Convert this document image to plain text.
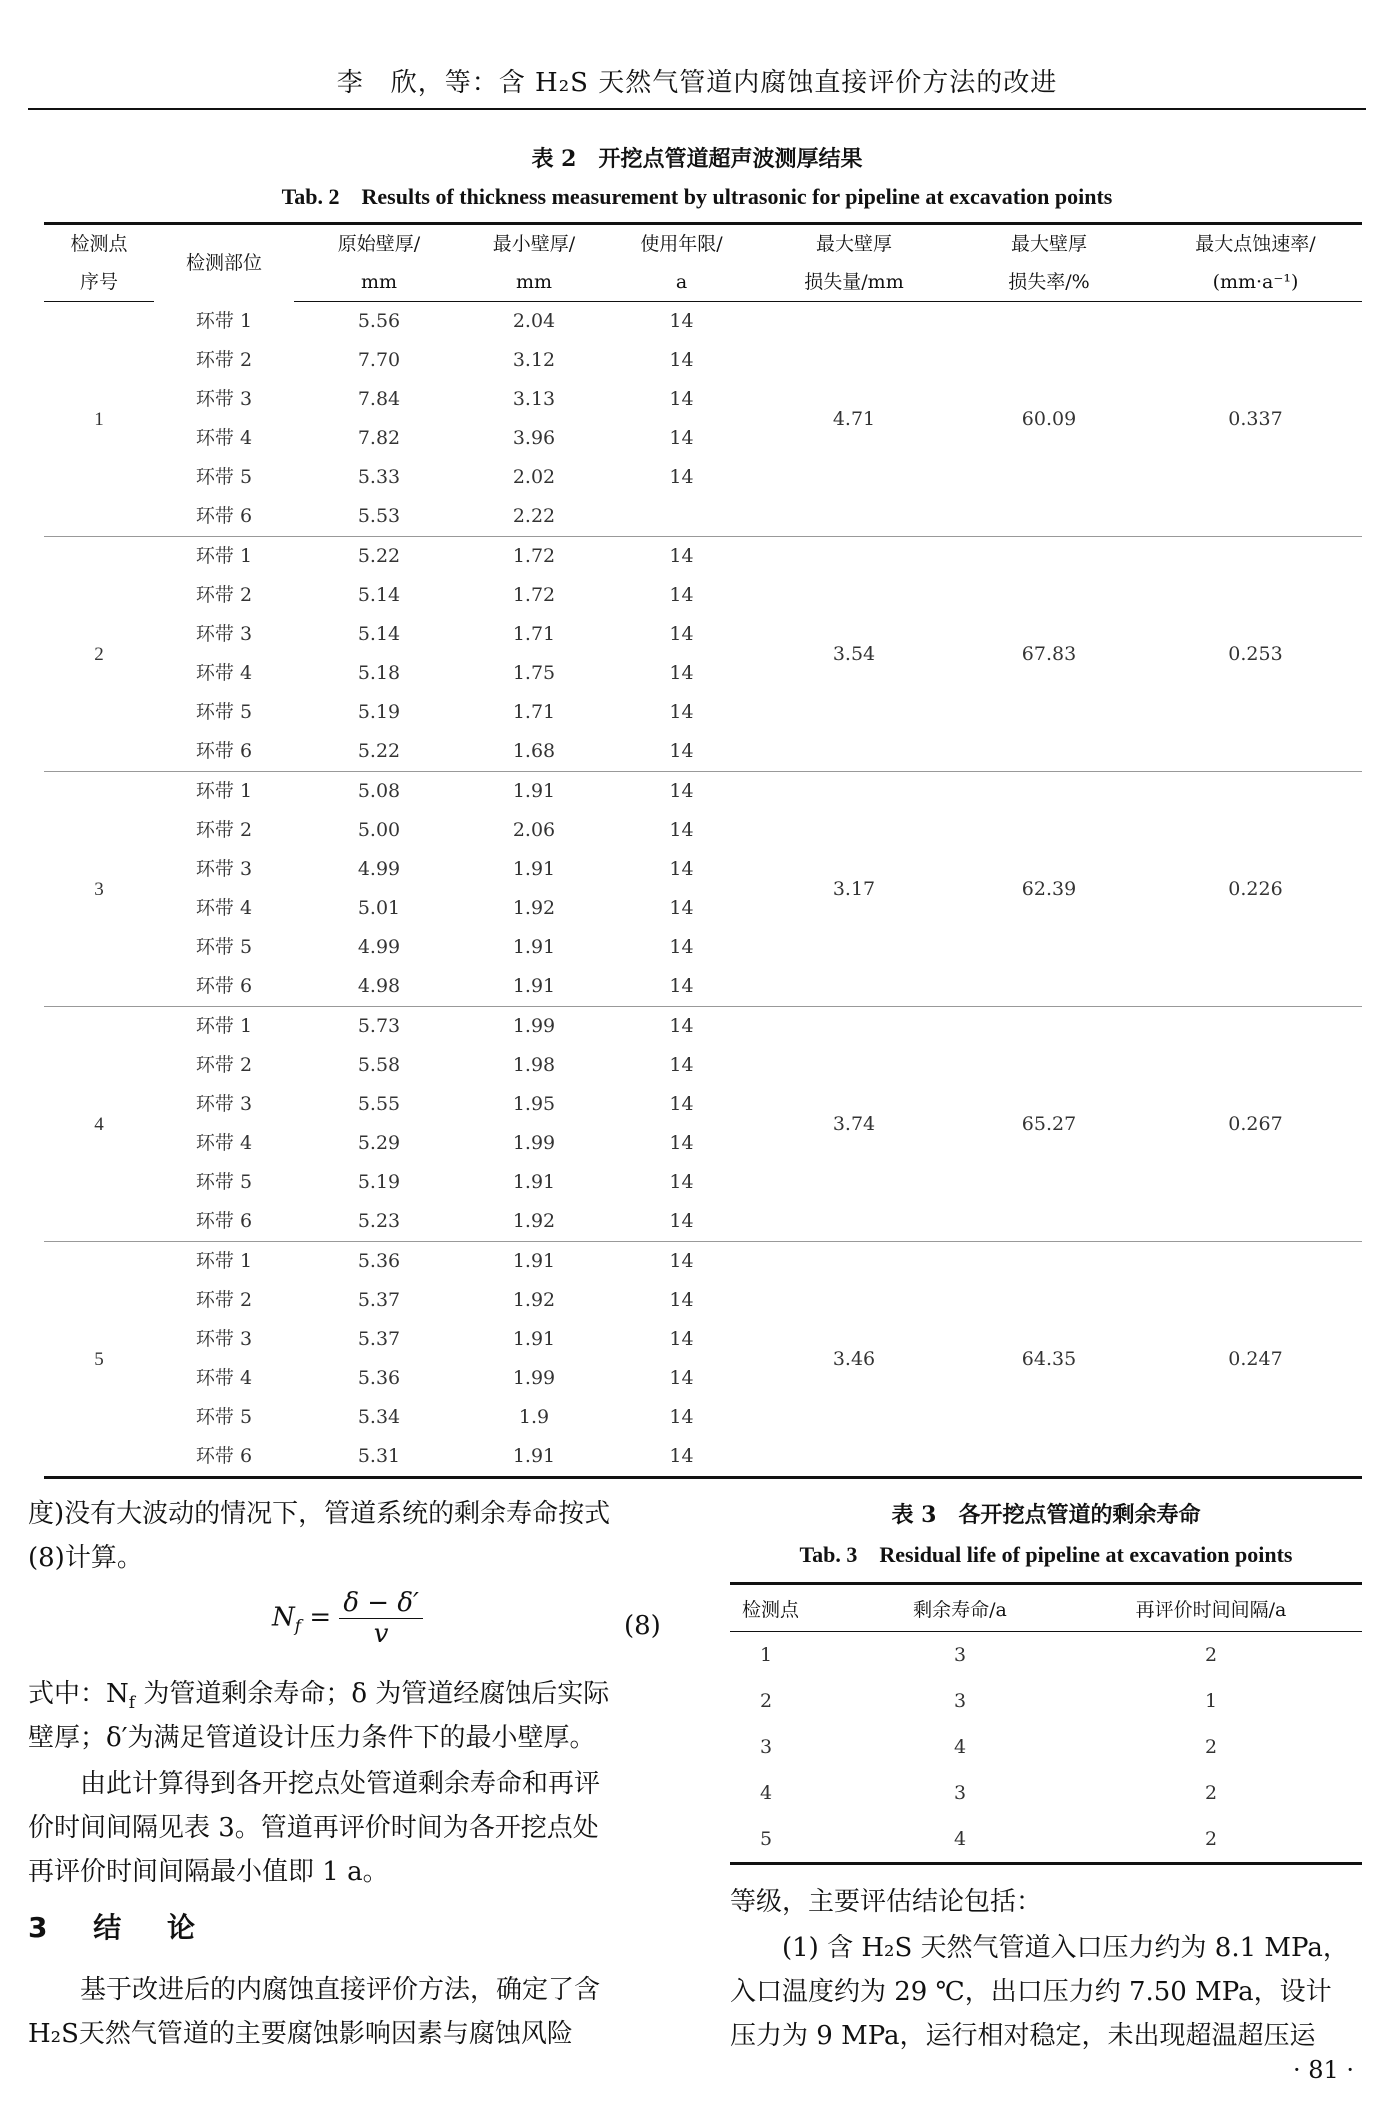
李　欣，等：含 H₂S 天然气管道内腐蚀直接评价方法的改进
表 2　开挖点管道超声波测厚结果
Tab. 2　Results of thickness measurement by ultrasonic for pipeline at excavation points
检测点	检测部位	原始壁厚/	最小壁厚/	使用年限/	最大壁厚	最大壁厚	最大点蚀速率/
序号		mm	mm	a	损失量/mm	损失率/%	(mm·a⁻¹)
1	环带 1	5.56	2.04	14	4.71	60.09	0.337
	环带 2	7.70	3.12	14			
	环带 3	7.84	3.13	14			
	环带 4	7.82	3.96	14			
	环带 5	5.33	2.02	14			
	环带 6	5.53	2.22				
2	环带 1	5.22	1.72	14	3.54	67.83	0.253
	环带 2	5.14	1.72	14			
	环带 3	5.14	1.71	14			
	环带 4	5.18	1.75	14			
	环带 5	5.19	1.71	14			
	环带 6	5.22	1.68	14			
3	环带 1	5.08	1.91	14	3.17	62.39	0.226
	环带 2	5.00	2.06	14			
	环带 3	4.99	1.91	14			
	环带 4	5.01	1.92	14			
	环带 5	4.99	1.91	14			
	环带 6	4.98	1.91	14			
4	环带 1	5.73	1.99	14	3.74	65.27	0.267
	环带 2	5.58	1.98	14			
	环带 3	5.55	1.95	14			
	环带 4	5.29	1.99	14			
	环带 5	5.19	1.91	14			
	环带 6	5.23	1.92	14			
5	环带 1	5.36	1.91	14	3.46	64.35	0.247
	环带 2	5.37	1.92	14			
	环带 3	5.37	1.91	14			
	环带 4	5.36	1.99	14			
	环带 5	5.34	1.9	14			
	环带 6	5.31	1.91	14			
度)没有大波动的情况下，管道系统的剩余寿命按式
(8)计算。
$N_f = \frac{\delta - \delta'}{v}$	(8)
式中：$N_f$ 为管道剩余寿命；δ 为管道经腐蚀后实际
壁厚；δ′为满足管道设计压力条件下的最小壁厚。
　　由此计算得到各开挖点处管道剩余寿命和再评
价时间间隔见表 3。管道再评价时间为各开挖点处
再评价时间间隔最小值即 1 a。
3 结 论
　　基于改进后的内腐蚀直接评价方法，确定了含
H₂S天然气管道的主要腐蚀影响因素与腐蚀风险
表 3　各开挖点管道的剩余寿命
Tab. 3　Residual life of pipeline at excavation points
检测点	剩余寿命/a	再评价时间间隔/a
1	3	2
2	3	1
3	4	2
4	3	2
5	4	2
等级，主要评估结论包括：
　　(1) 含 H₂S 天然气管道入口压力约为 8.1 MPa，
入口温度约为 29 ℃，出口压力约 7.50 MPa，设计
压力为 9 MPa，运行相对稳定，未出现超温超压运
· 81 ·
